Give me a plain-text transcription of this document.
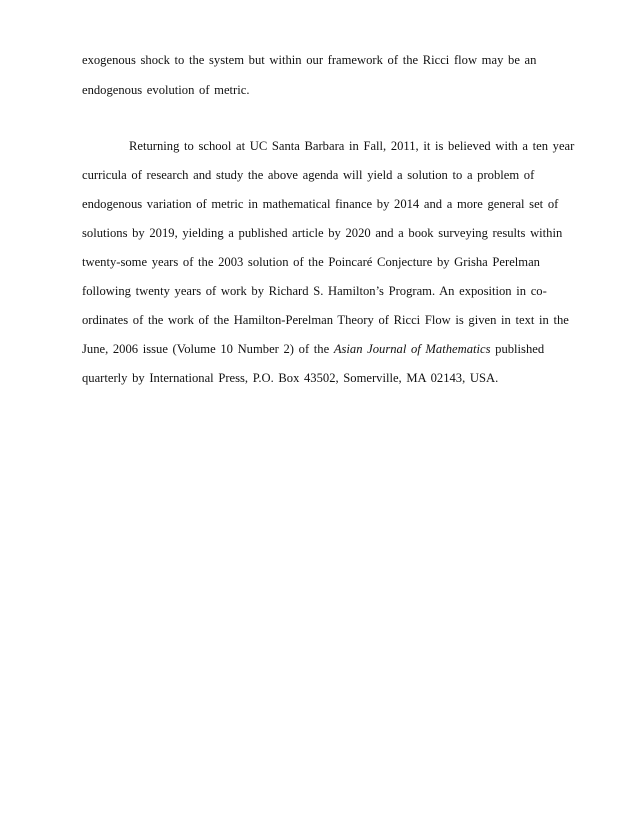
exogenous shock to the system but within our framework of the Ricci flow may be an
endogenous evolution of metric.
Returning to school at UC Santa Barbara in Fall, 2011, it is believed with a ten year
curricula of research and study the above agenda will yield a solution to a problem of
endogenous variation of metric in mathematical finance by 2014 and a more general set of
solutions by 2019, yielding a published article by 2020 and a book surveying results within
twenty-some years of the 2003 solution of the Poincaré Conjecture by Grisha Perelman
following twenty years of work by Richard S. Hamilton’s Program. An exposition in co-
ordinates of the work of the Hamilton-Perelman Theory of Ricci Flow is given in text in the
June, 2006 issue (Volume 10 Number 2) of the Asian Journal of Mathematics published
quarterly by International Press, P.O. Box 43502, Somerville, MA 02143, USA.
